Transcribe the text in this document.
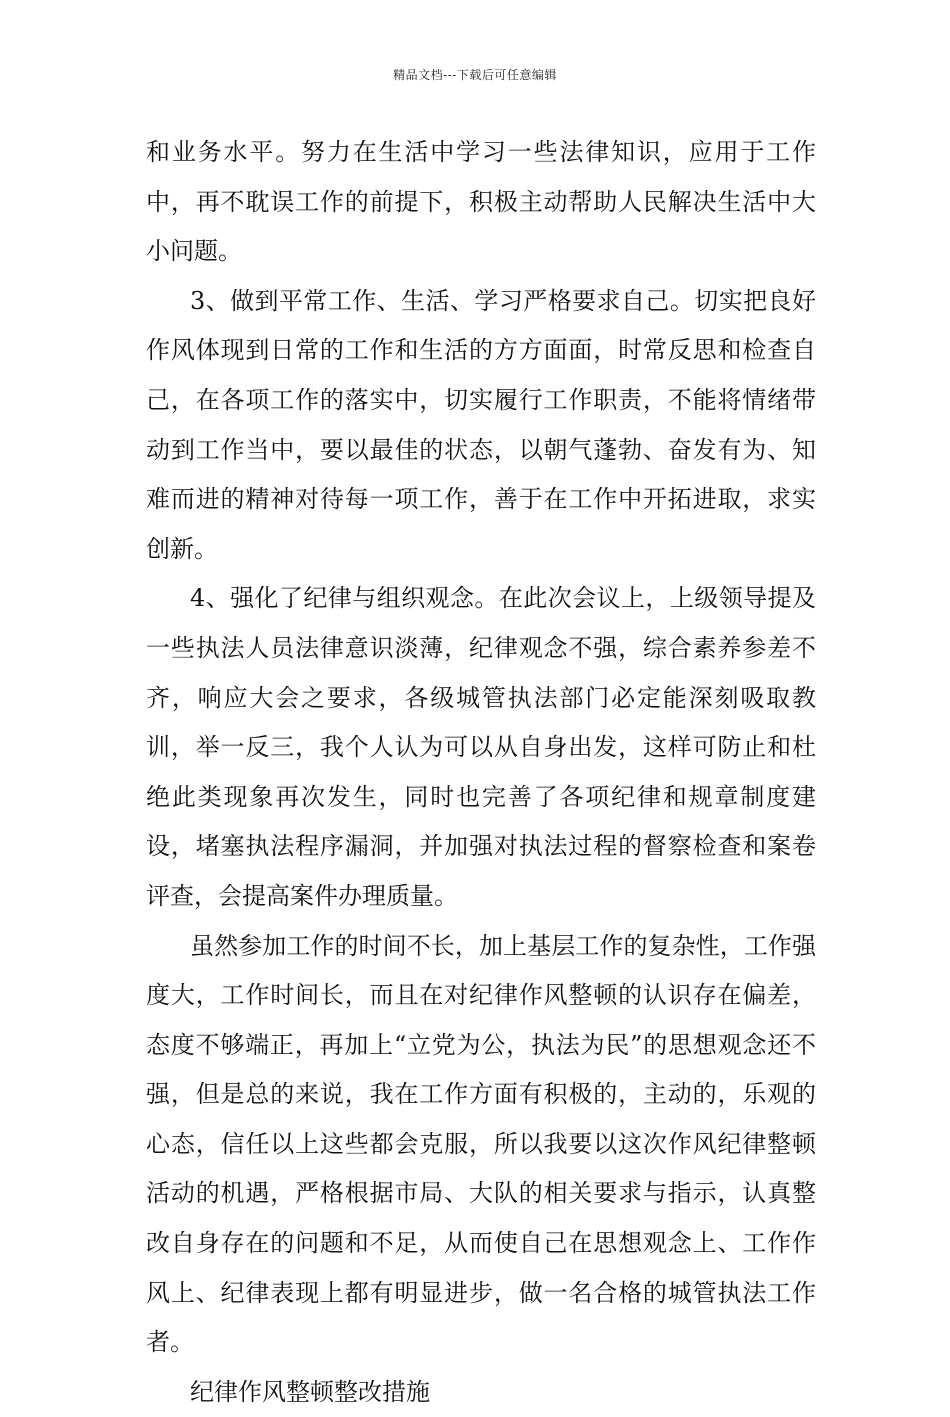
精品文档---下载后可任意编辑

和业务水平。努力在生活中学习一些法律知识，应用于工作中，再不耽误工作的前提下，积极主动帮助人民解决生活中大小问题。

3、做到平常工作、生活、学习严格要求自己。切实把良好作风体现到日常的工作和生活的方方面面，时常反思和检查自己，在各项工作的落实中，切实履行工作职责，不能将情绪带动到工作当中，要以最佳的状态，以朝气蓬勃、奋发有为、知难而进的精神对待每一项工作，善于在工作中开拓进取，求实创新。

4、强化了纪律与组织观念。在此次会议上，上级领导提及一些执法人员法律意识淡薄，纪律观念不强，综合素养参差不齐，响应大会之要求，各级城管执法部门必定能深刻吸取教训，举一反三，我个人认为可以从自身出发，这样可防止和杜绝此类现象再次发生，同时也完善了各项纪律和规章制度建设，堵塞执法程序漏洞，并加强对执法过程的督察检查和案卷评查，会提高案件办理质量。

虽然参加工作的时间不长，加上基层工作的复杂性，工作强度大，工作时间长，而且在对纪律作风整顿的认识存在偏差，态度不够端正，再加上“立党为公，执法为民”的思想观念还不强，但是总的来说，我在工作方面有积极的，主动的，乐观的心态，信任以上这些都会克服，所以我要以这次作风纪律整顿活动的机遇，严格根据市局、大队的相关要求与指示，认真整改自身存在的问题和不足，从而使自己在思想观念上、工作作风上、纪律表现上都有明显进步，做一名合格的城管执法工作者。

纪律作风整顿整改措施
